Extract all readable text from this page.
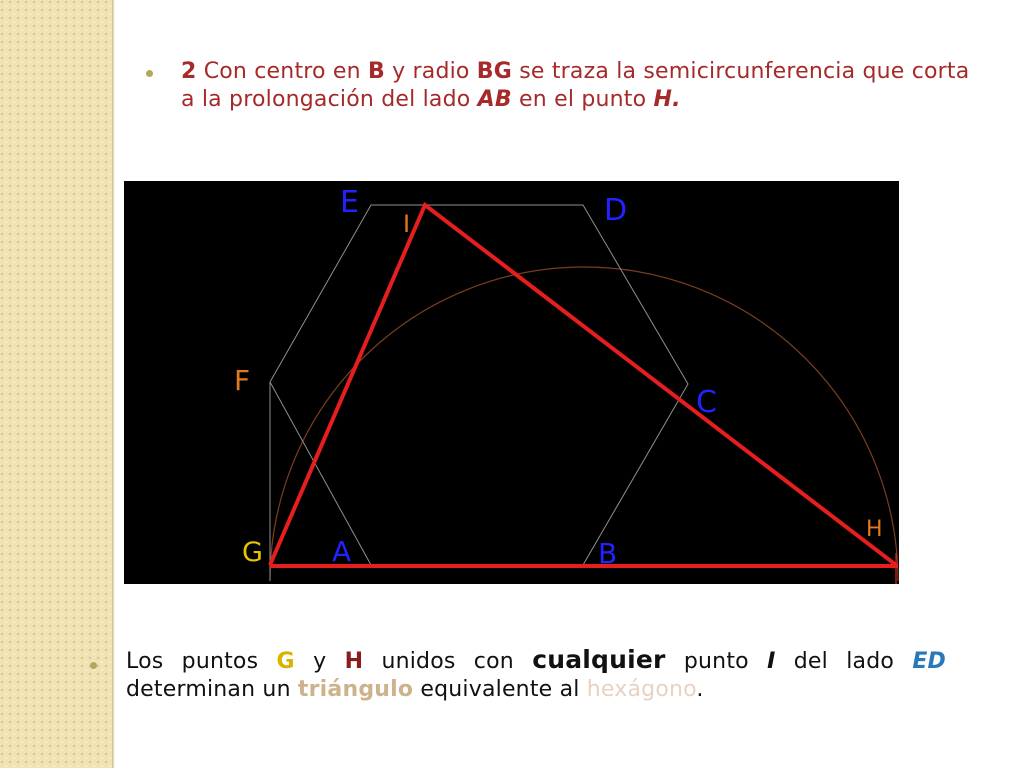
2 Con centro en B y radio BG se traza la semicircunferencia que corta a la prolongación del lado AB en el punto H.

E	D
I
F
C
H
G A	B

Los puntos G y H unidos con cualquier punto I del lado ED determinan un triángulo equivalente al hexágono.
